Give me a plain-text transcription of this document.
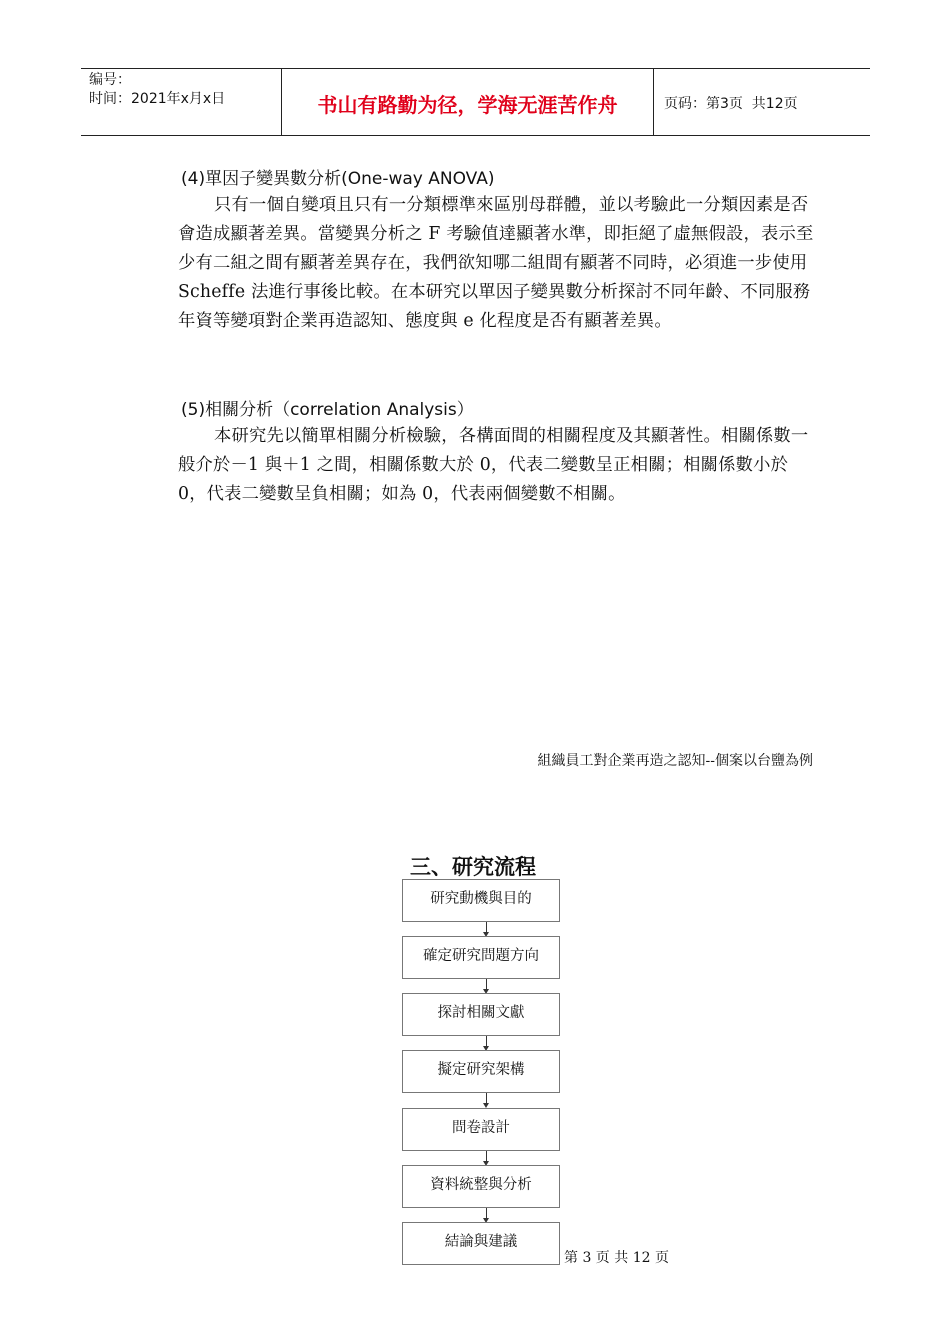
编号：
时间：2021年x月x日	书山有路勤为径，学海无涯苦作舟	页码：第3页  共12页
(4)單因子變異數分析(One-way ANOVA)
只有一個自變項且只有一分類標準來區別母群體，並以考驗此一分類因素是否會造成顯著差異。當變異分析之 F 考驗值達顯著水準，即拒絕了虛無假設，表示至少有二組之間有顯著差異存在，我們欲知哪二組間有顯著不同時，必須進一步使用 Scheffe 法進行事後比較。在本研究以單因子變異數分析探討不同年齡、不同服務年資等變項對企業再造認知、態度與 e 化程度是否有顯著差異。
(5)相關分析（correlation Analysis）
本研究先以簡單相關分析檢驗，各構面間的相關程度及其顯著性。相關係數一般介於－1 與＋1 之間，相關係數大於 0，代表二變數呈正相關；相關係數小於 0，代表二變數呈負相關；如為 0，代表兩個變數不相關。
組織員工對企業再造之認知--個案以台鹽為例
三、研究流程
研究動機與目的
確定研究問題方向
探討相關文獻
擬定研究架構
問卷設計
資料統整與分析
結論與建議
第 3 页 共 12 页
